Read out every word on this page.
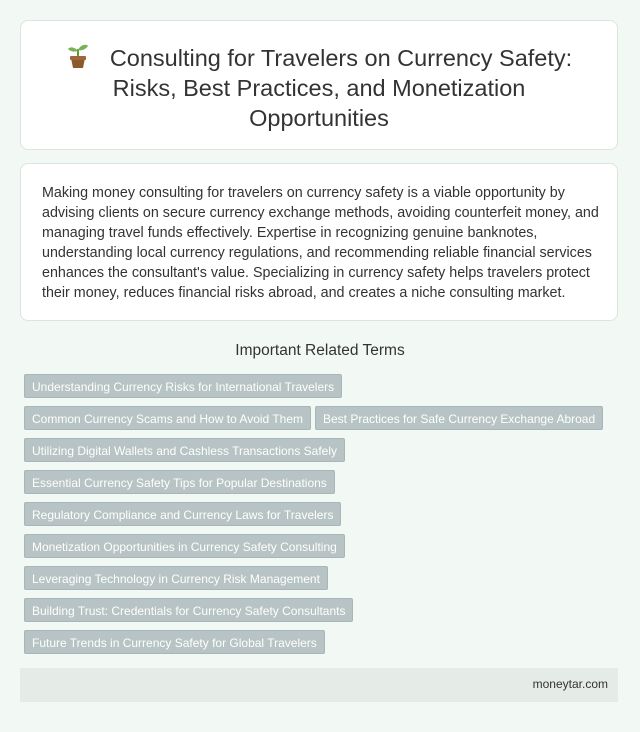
Consulting for Travelers on Currency Safety: Risks, Best Practices, and Monetization Opportunities

Making money consulting for travelers on currency safety is a viable opportunity by advising clients on secure currency exchange methods, avoiding counterfeit money, and managing travel funds effectively. Expertise in recognizing genuine banknotes, understanding local currency regulations, and recommending reliable financial services enhances the consultant's value. Specializing in currency safety helps travelers protect their money, reduces financial risks abroad, and creates a niche consulting market.

Important Related Terms
Understanding Currency Risks for International Travelers
Common Currency Scams and How to Avoid Them	Best Practices for Safe Currency Exchange Abroad
Utilizing Digital Wallets and Cashless Transactions Safely
Essential Currency Safety Tips for Popular Destinations
Regulatory Compliance and Currency Laws for Travelers
Monetization Opportunities in Currency Safety Consulting
Leveraging Technology in Currency Risk Management
Building Trust: Credentials for Currency Safety Consultants
Future Trends in Currency Safety for Global Travelers
moneytar.com
